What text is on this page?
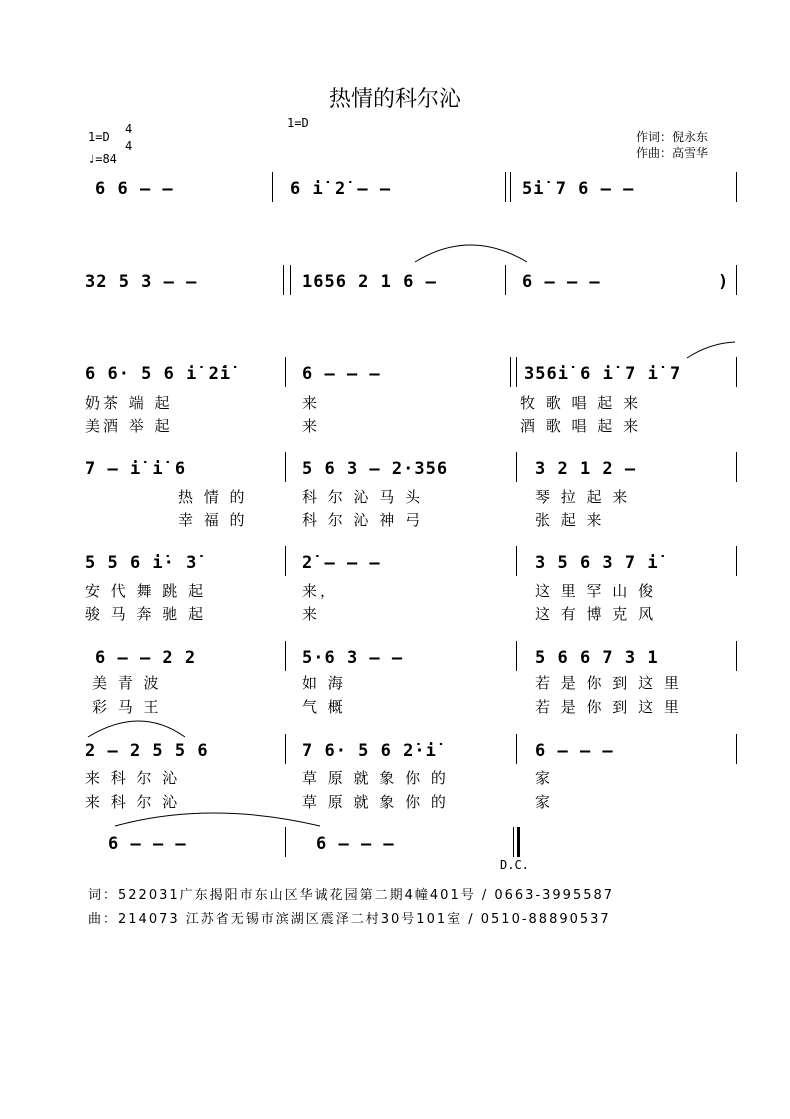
热情的科尔沁
1=D
4
4
♩=84
1=D
作词：倪永东
作曲：高雪华
6 6 – –	6 i̇ 2̇ – –	5i̇ 7 6 – –
32 5 3 – –	1656 2 1 6 –	6 – – –	)
6 6· 5 6 i̇ 2̇i̇	6 – – –	356i̇ 6 i̇ 7 i̇ 7
奶茶 端 起	来	牧 歌 唱 起 来
美酒 举 起	来	酒 歌 唱 起 来
7 – i̇ i̇ 6	5 6 3 – 2·356	3 2 1 2 –
热 情 的	科 尔 沁 马 头	琴 拉 起 来
幸 福 的	科 尔 沁 神 弓	张 起 来
5 5 6 i̇· 3̇	2̇ – – –	3 5 6 3 7 i̇
安 代 舞 跳 起	来，	这 里 罕 山 俊
骏 马 奔 驰 起	来	这 有 博 克 风
6 – – 2 2	5·6 3 – –	5 6 6 7 3 1
美 青 波	如 海	若 是 你 到 这 里
彩 马 王	气 概	若 是 你 到 这 里
2 – 2 5 5 6	7 6· 5 6 2̇·i̇	6 – – –
来 科 尔 沁	草 原 就 象 你 的	家
来 科 尔 沁	草 原 就 象 你 的	家
6 – – –	6 – – –
D.C.
词：522031广东揭阳市东山区华诚花园第二期4幢401号 / 0663-3995587
曲：214073 江苏省无锡市滨湖区震泽二村30号101室 / 0510-88890537
